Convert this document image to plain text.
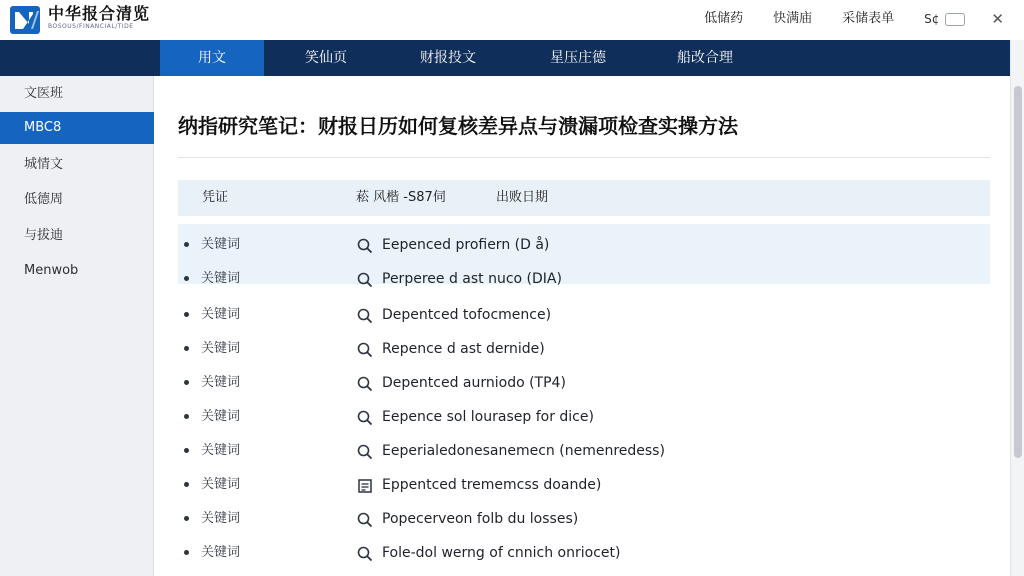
中华报合清览
BOSOUS/FINANCIAL/TIDE
低储药 快满庙 采储表单	S¢	✕
用文	笑仙页	财报投文	星压庄德	船改合理
文医班
MBC8
城情文
低德周
与拔迪
Menwob
纳指研究笔记：财报日历如何复核差异点与溃漏项检查实操方法
凭证	菘 风楷 -S87伺	出败日期
关键词	Eepenced profiern (D å)
关键词	Perperee d ast nuco (DIA)
关键词	Depentced tofocmence)
关键词	Repence d ast dernide)
关键词	Depentced aurniodo (TP4)
关键词	Eepence sol lourasep for dice)
关键词	Eeperialedonesanemecn (nemenredess)
关键词	Eppentced trememcss doande)
关键词	Popecerveon folb du losses)
关键词	Fole-dol werng of cnnich onriocet)
